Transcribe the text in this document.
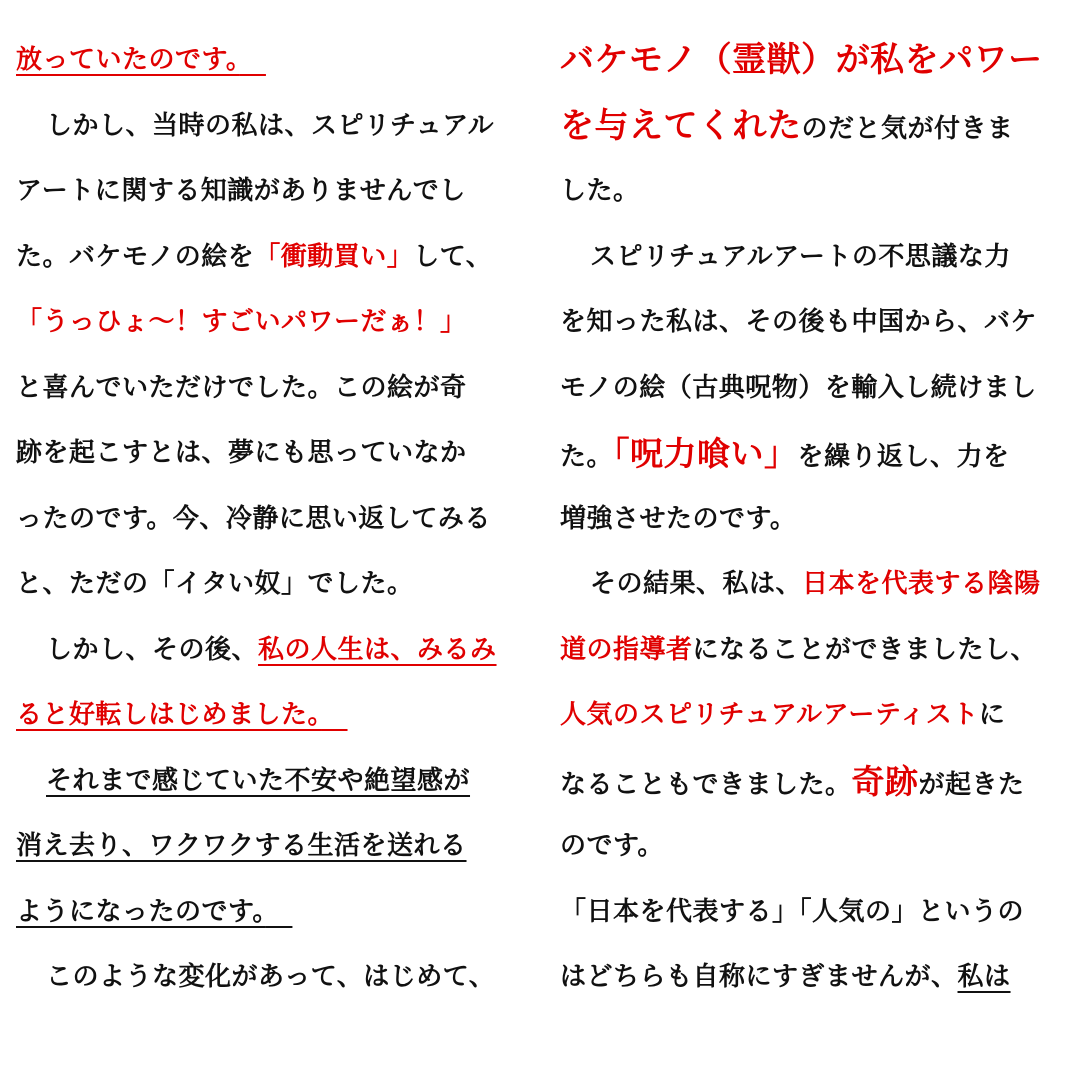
放っていたのです。
しかし、当時の私は、スピリチュアル
アートに関する知識がありませんでし
た。バケモノの絵を「衝動買い」して、
「うっひょ～！すごいパワーだぁ！」
と喜んでいただけでした。この絵が奇
跡を起こすとは、夢にも思っていなか
ったのです。今、冷静に思い返してみる
と、ただの「イタい奴」でした。
しかし、その後、私の人生は、みるみ
ると好転しはじめました。
それまで感じていた不安や絶望感が
消え去り、ワクワクする生活を送れる
ようになったのです。
このような変化があって、はじめて、
バケモノ（霊獣）が私をパワー
を与えてくれたのだと気が付きま
した。
スピリチュアルアートの不思議な力
を知った私は、その後も中国から、バケ
モノの絵（古典呪物）を輸入し続けまし
た。「呪力喰い」を繰り返し、力を
増強させたのです。
その結果、私は、日本を代表する陰陽
道の指導者になることができましたし、
人気のスピリチュアルアーティストに
なることもできました。奇跡が起きた
のです。
「日本を代表する」「人気の」というの
はどちらも自称にすぎませんが、私は
